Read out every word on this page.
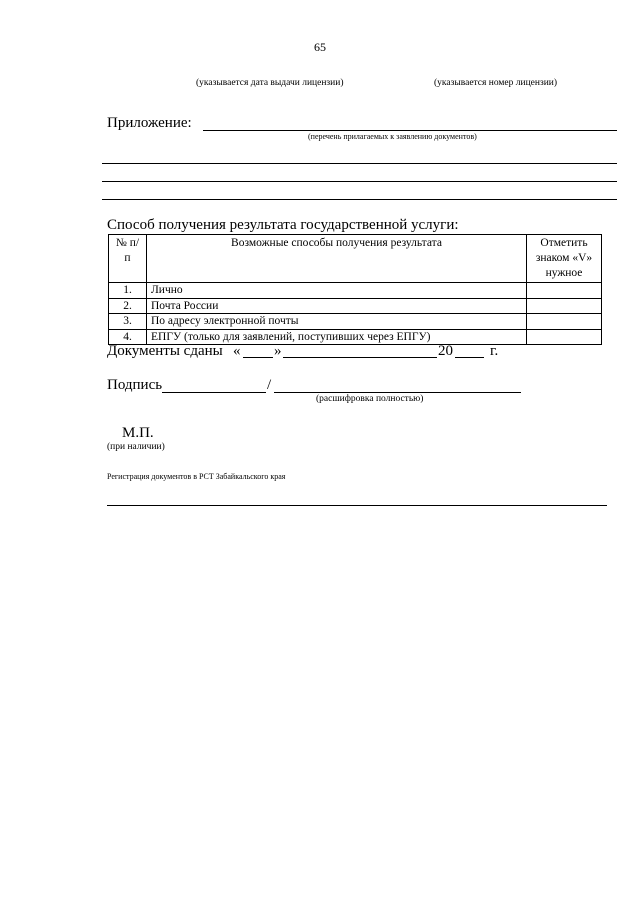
65
(указывается дата выдачи лицензии)	(указывается номер лицензии)
Приложение:
(перечень прилагаемых к заявлению документов)
Способ получения результата государственной услуги:
№ п/п	Возможные способы получения результата	Отметить знаком «V» нужное
1.	Лично	
2.	Почта России	
3.	По адресу электронной почты	
4.	ЕПГУ (только для заявлений, поступивших через ЕПГУ)	
Документы сданы « »	20 г.
Подпись	/
(расшифровка полностью)
М.П.
(при наличии)
Регистрация документов в РСТ Забайкальского края
